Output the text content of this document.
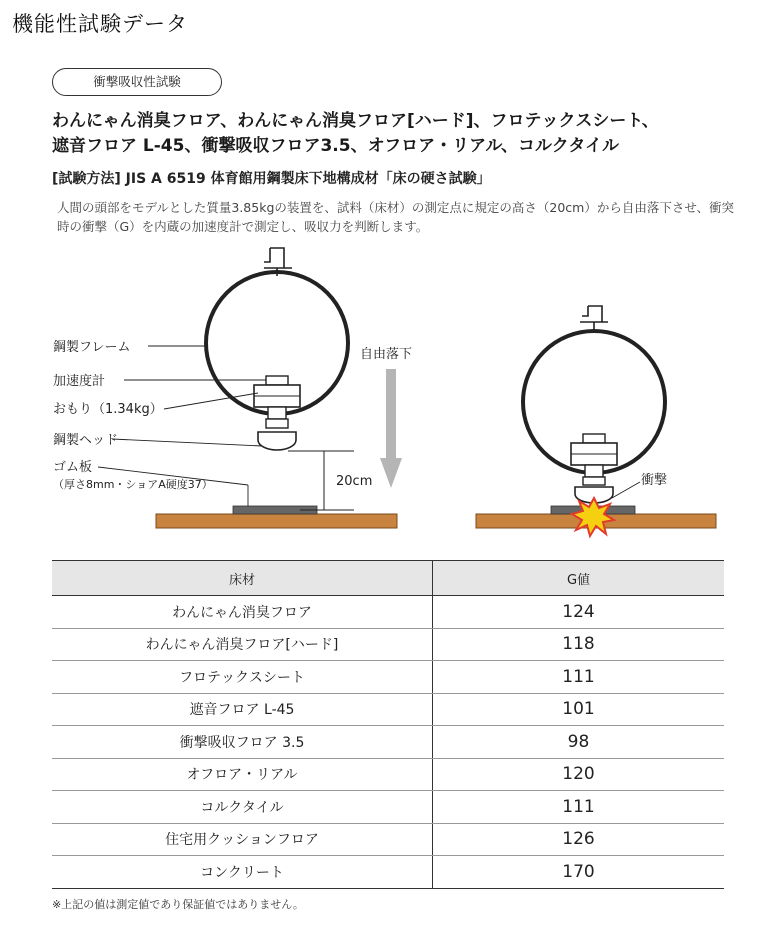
機能性試験データ
衝撃吸収性試験
わんにゃん消臭フロア、わんにゃん消臭フロア[ハード]、フロテックスシート、
遮音フロア L-45、衝撃吸収フロア3.5、オフロア・リアル、コルクタイル
[試験方法] JIS A 6519 体育館用鋼製床下地構成材「床の硬さ試験」
人間の頭部をモデルとした質量3.85kgの装置を、試料（床材）の測定点に規定の高さ（20cm）から自由落下させ、衝突時の衝撃（G）を内蔵の加速度計で測定し、吸収力を判断します。
鋼製フレーム
加速度計
おもり（1.34kg）
鋼製ヘッド
ゴム板
（厚さ8mm・ショアA硬度37）
自由落下
20cm	衝撃
床材	G値
わんにゃん消臭フロア	124
わんにゃん消臭フロア[ハード]	118
フロテックスシート	111
遮音フロア L-45	101
衝撃吸収フロア 3.5	98
オフロア・リアル	120
コルクタイル	111
住宅用クッションフロア	126
コンクリート	170
※上記の値は測定値であり保証値ではありません。
